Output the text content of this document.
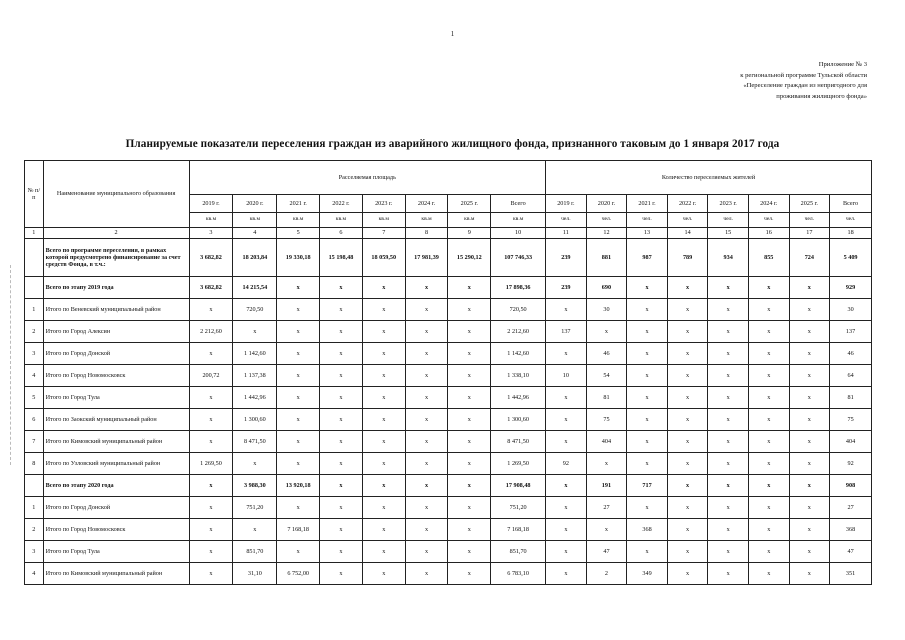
1
Приложение № 3
к региональной программе Тульской области
«Переселение граждан из непригодного для
проживания жилищного фонда»
Планируемые показатели переселения граждан из аварийного жилищного фонда, признанного таковым до 1 января 2017 года
№ п/п	Наименование муниципального образования	Расселяемая площадь								Количество переселяемых жителей							
		2019 г.	2020 г.	2021 г.	2022 г.	2023 г.	2024 г.	2025 г.	Всего	2019 г.	2020 г.	2021 г.	2022 г.	2023 г.	2024 г.	2025 г.	Всего
		кв.м	кв.м	кв.м	кв.м	кв.м	кв.м	кв.м	кв.м	чел.	чел.	чел.	чел.	чел.	чел.	чел.	чел.
1	2	3	4	5	6	7	8	9	10	11	12	13	14	15	16	17	18
	Всего по программе переселения, в рамках которой предусмотрено финансирование за счет средств Фонда, в т.ч.:	3 682,82	18 203,84	19 330,18	15 198,48	18 059,50	17 981,39	15 290,12	107 746,33	239	881	987	789	934	855	724	5 409
	Всего по этапу 2019 года	3 682,82	14 215,54	x	x	x	x	x	17 898,36	239	690	x	x	x	x	x	929
1	Итого по Веневский муниципальный район	x	720,50	x	x	x	x	x	720,50	x	30	x	x	x	x	x	30
2	Итого по Город Алексин	2 212,60	x	x	x	x	x	x	2 212,60	137	x	x	x	x	x	x	137
3	Итого по Город Донской	x	1 142,60	x	x	x	x	x	1 142,60	x	46	x	x	x	x	x	46
4	Итого по Город Новомосковск	200,72	1 137,38	x	x	x	x	x	1 338,10	10	54	x	x	x	x	x	64
5	Итого по Город Тула	x	1 442,96	x	x	x	x	x	1 442,96	x	81	x	x	x	x	x	81
6	Итого по Заокский муниципальный район	x	1 300,60	x	x	x	x	x	1 300,60	x	75	x	x	x	x	x	75
7	Итого по Кимовский муниципальный район	x	8 471,50	x	x	x	x	x	8 471,50	x	404	x	x	x	x	x	404
8	Итого по Узловский муниципальный район	1 269,50	x	x	x	x	x	x	1 269,50	92	x	x	x	x	x	x	92
	Всего по этапу 2020 года	x	3 988,30	13 920,18	x	x	x	x	17 908,48	x	191	717	x	x	x	x	908
1	Итого по Город Донской	x	751,20	x	x	x	x	x	751,20	x	27	x	x	x	x	x	27
2	Итого по Город Новомосковск	x	x	7 168,18	x	x	x	x	7 168,18	x	x	368	x	x	x	x	368
3	Итого по Город Тула	x	851,70	x	x	x	x	x	851,70	x	47	x	x	x	x	x	47
4	Итого по Кимовский муниципальный район	x	31,10	6 752,00	x	x	x	x	6 783,10	x	2	349	x	x	x	x	351
